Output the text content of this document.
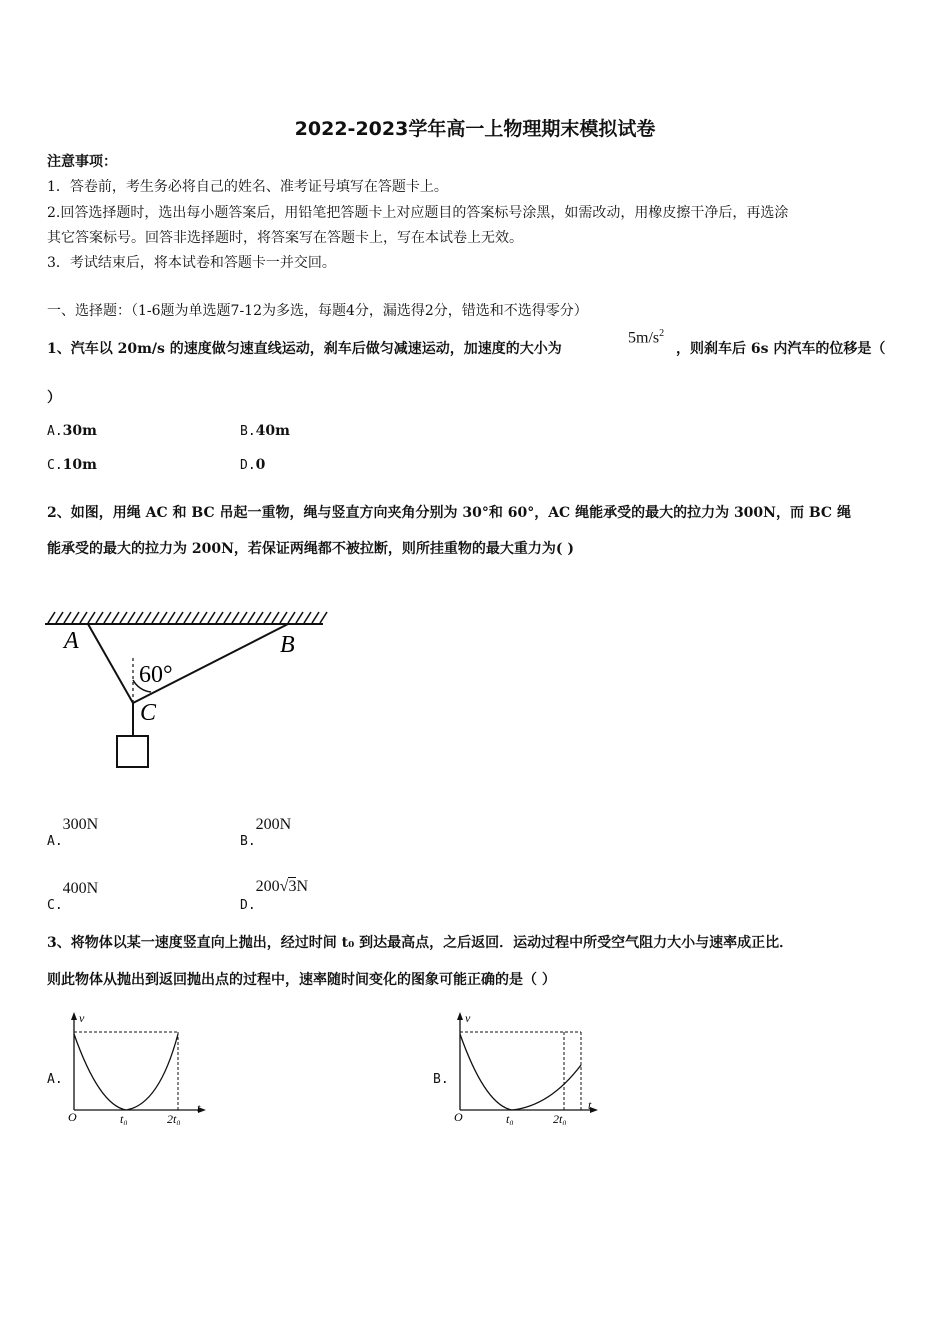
2022-2023学年高一上物理期末模拟试卷
注意事项：
1．答卷前，考生务必将自己的姓名、准考证号填写在答题卡上。
2.回答选择题时，选出每小题答案后，用铅笔把答题卡上对应题目的答案标号涂黑，如需改动，用橡皮擦干净后，再选涂
其它答案标号。回答非选择题时，将答案写在答题卡上，写在本试卷上无效。
3．考试结束后，将本试卷和答题卡一并交回。
一、选择题：（1-6题为单选题7-12为多选，每题4分，漏选得2分，错选和不选得零分）
1、汽车以 20m/s 的速度做匀速直线运动，刹车后做匀减速运动，加速度的大小为
$5m/s^2$
，则刹车后 6s 内汽车的位移是（
）
A.30m	B.40m
C.10m	D.0
2、如图，用绳 AC 和 BC 吊起一重物，绳与竖直方向夹角分别为 30°和 60°，AC 绳能承受的最大的拉力为 300N，而 BC 绳
能承受的最大的拉力为 200N，若保证两绳都不被拉断，则所挂重物的最大重力为( )
A	B
C
60°
A.300N
B.200N
C.400N
D.200√3N
3、将物体以某一速度竖直向上抛出，经过时间 t₀ 到达最高点，之后返回．运动过程中所受空气阻力大小与速率成正比．
则此物体从抛出到返回抛出点的过程中，速率随时间变化的图象可能正确的是（ ）
A.
v
O	t₀	2t₀
t
B.
v
O	t₀	2t₀
t
